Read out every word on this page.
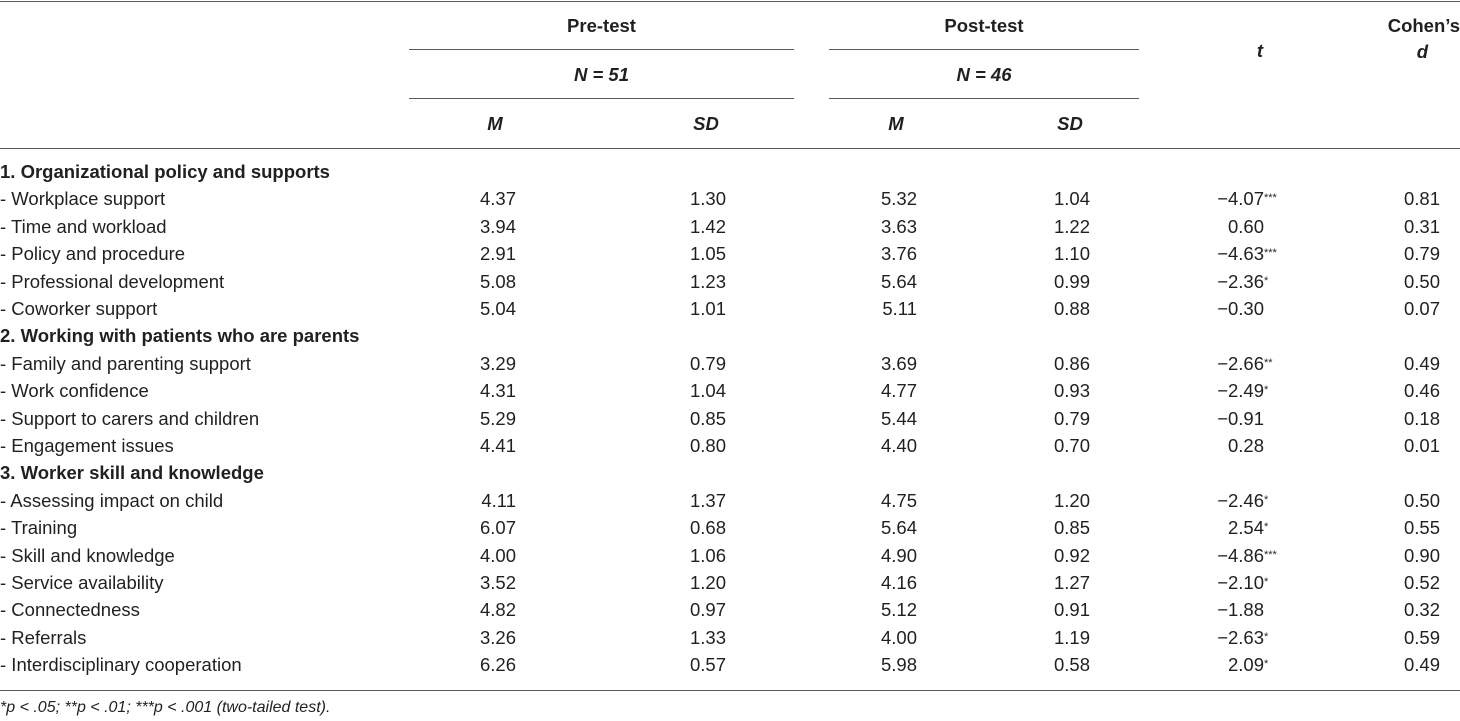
Pre-test	Post-test
N = 51	N = 46
t
Cohen’s
d
M	SD	M	SD
1. Organizational policy and supports
- Workplace support	4.37	1.30	5.32	1.04	−4.07***	0.81
- Time and workload	3.94	1.42	3.63	1.22	0.60	0.31
- Policy and procedure	2.91	1.05	3.76	1.10	−4.63***	0.79
- Professional development	5.08	1.23	5.64	0.99	−2.36*	0.50
- Coworker support	5.04	1.01	5.11	0.88	−0.30	0.07
2. Working with patients who are parents
- Family and parenting support	3.29	0.79	3.69	0.86	−2.66**	0.49
- Work confidence	4.31	1.04	4.77	0.93	−2.49*	0.46
- Support to carers and children	5.29	0.85	5.44	0.79	−0.91	0.18
- Engagement issues	4.41	0.80	4.40	0.70	0.28	0.01
3. Worker skill and knowledge
- Assessing impact on child	4.11	1.37	4.75	1.20	−2.46*	0.50
- Training	6.07	0.68	5.64	0.85	2.54*	0.55
- Skill and knowledge	4.00	1.06	4.90	0.92	−4.86***	0.90
- Service availability	3.52	1.20	4.16	1.27	−2.10*	0.52
- Connectedness	4.82	0.97	5.12	0.91	−1.88	0.32
- Referrals	3.26	1.33	4.00	1.19	−2.63*	0.59
- Interdisciplinary cooperation	6.26	0.57	5.98	0.58	2.09*	0.49
*p < .05; **p < .01; ***p < .001 (two-tailed test).
